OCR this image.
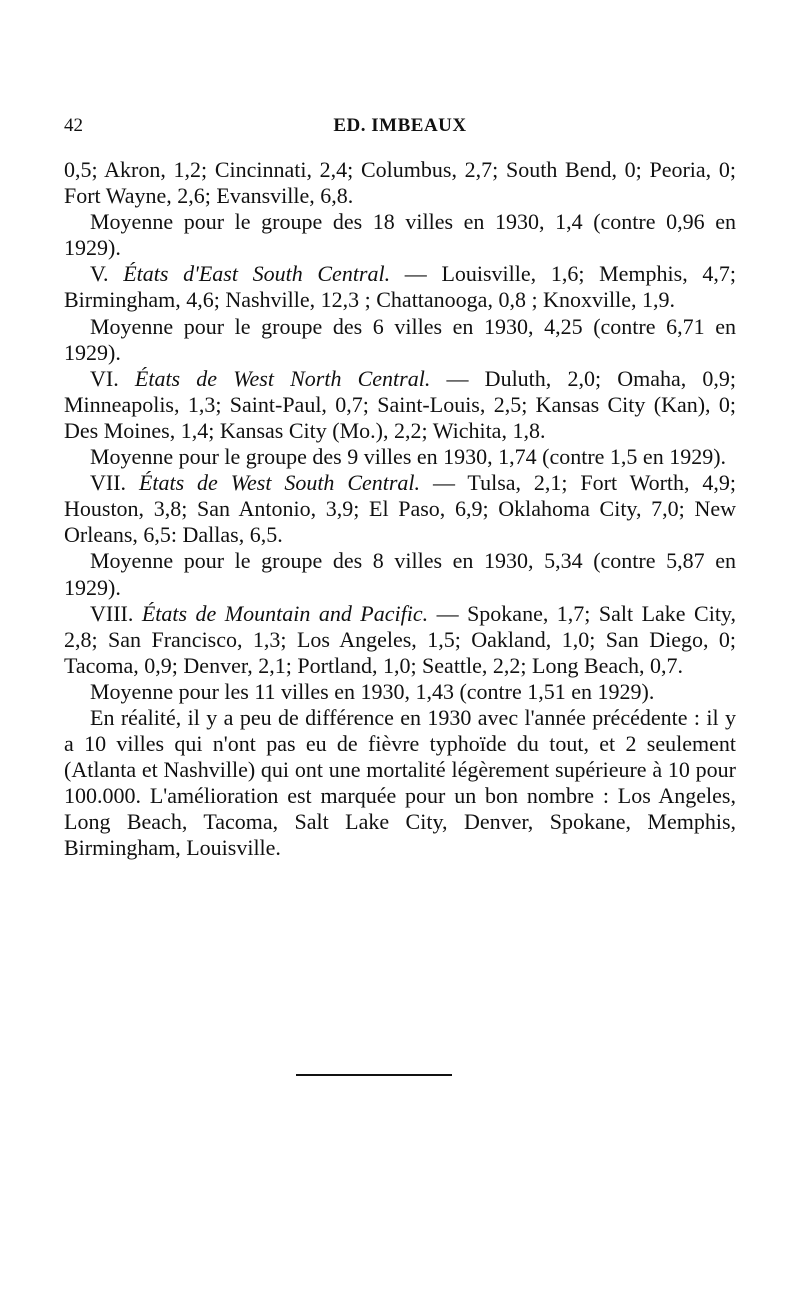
42	ED. IMBEAUX

0,5; Akron, 1,2; Cincinnati, 2,4; Columbus, 2,7; South Bend, 0; Peoria, 0; Fort Wayne, 2,6; Evansville, 6,8.

Moyenne pour le groupe des 18 villes en 1930, 1,4 (contre 0,96 en 1929).

V. États d'East South Central. — Louisville, 1,6; Memphis, 4,7; Birmingham, 4,6; Nashville, 12,3 ; Chattanooga, 0,8 ; Knoxville, 1,9.

Moyenne pour le groupe des 6 villes en 1930, 4,25 (contre 6,71 en 1929).

VI. États de West North Central. — Duluth, 2,0; Omaha, 0,9; Minneapolis, 1,3; Saint-Paul, 0,7; Saint-Louis, 2,5; Kansas City (Kan), 0; Des Moines, 1,4; Kansas City (Mo.), 2,2; Wichita, 1,8.

Moyenne pour le groupe des 9 villes en 1930, 1,74 (contre 1,5 en 1929).

VII. États de West South Central. — Tulsa, 2,1; Fort Worth, 4,9; Houston, 3,8; San Antonio, 3,9; El Paso, 6,9; Oklahoma City, 7,0; New Orleans, 6,5: Dallas, 6,5.

Moyenne pour le groupe des 8 villes en 1930, 5,34 (contre 5,87 en 1929).

VIII. États de Mountain and Pacific. — Spokane, 1,7; Salt Lake City, 2,8; San Francisco, 1,3; Los Angeles, 1,5; Oakland, 1,0; San Diego, 0; Tacoma, 0,9; Denver, 2,1; Portland, 1,0; Seattle, 2,2; Long Beach, 0,7.

Moyenne pour les 11 villes en 1930, 1,43 (contre 1,51 en 1929).

En réalité, il y a peu de différence en 1930 avec l'année précédente : il y a 10 villes qui n'ont pas eu de fièvre typhoïde du tout, et 2 seulement (Atlanta et Nashville) qui ont une mortalité légèrement supérieure à 10 pour 100.000. L'amélioration est marquée pour un bon nombre : Los Angeles, Long Beach, Tacoma, Salt Lake City, Denver, Spokane, Memphis, Birmingham, Louisville.
